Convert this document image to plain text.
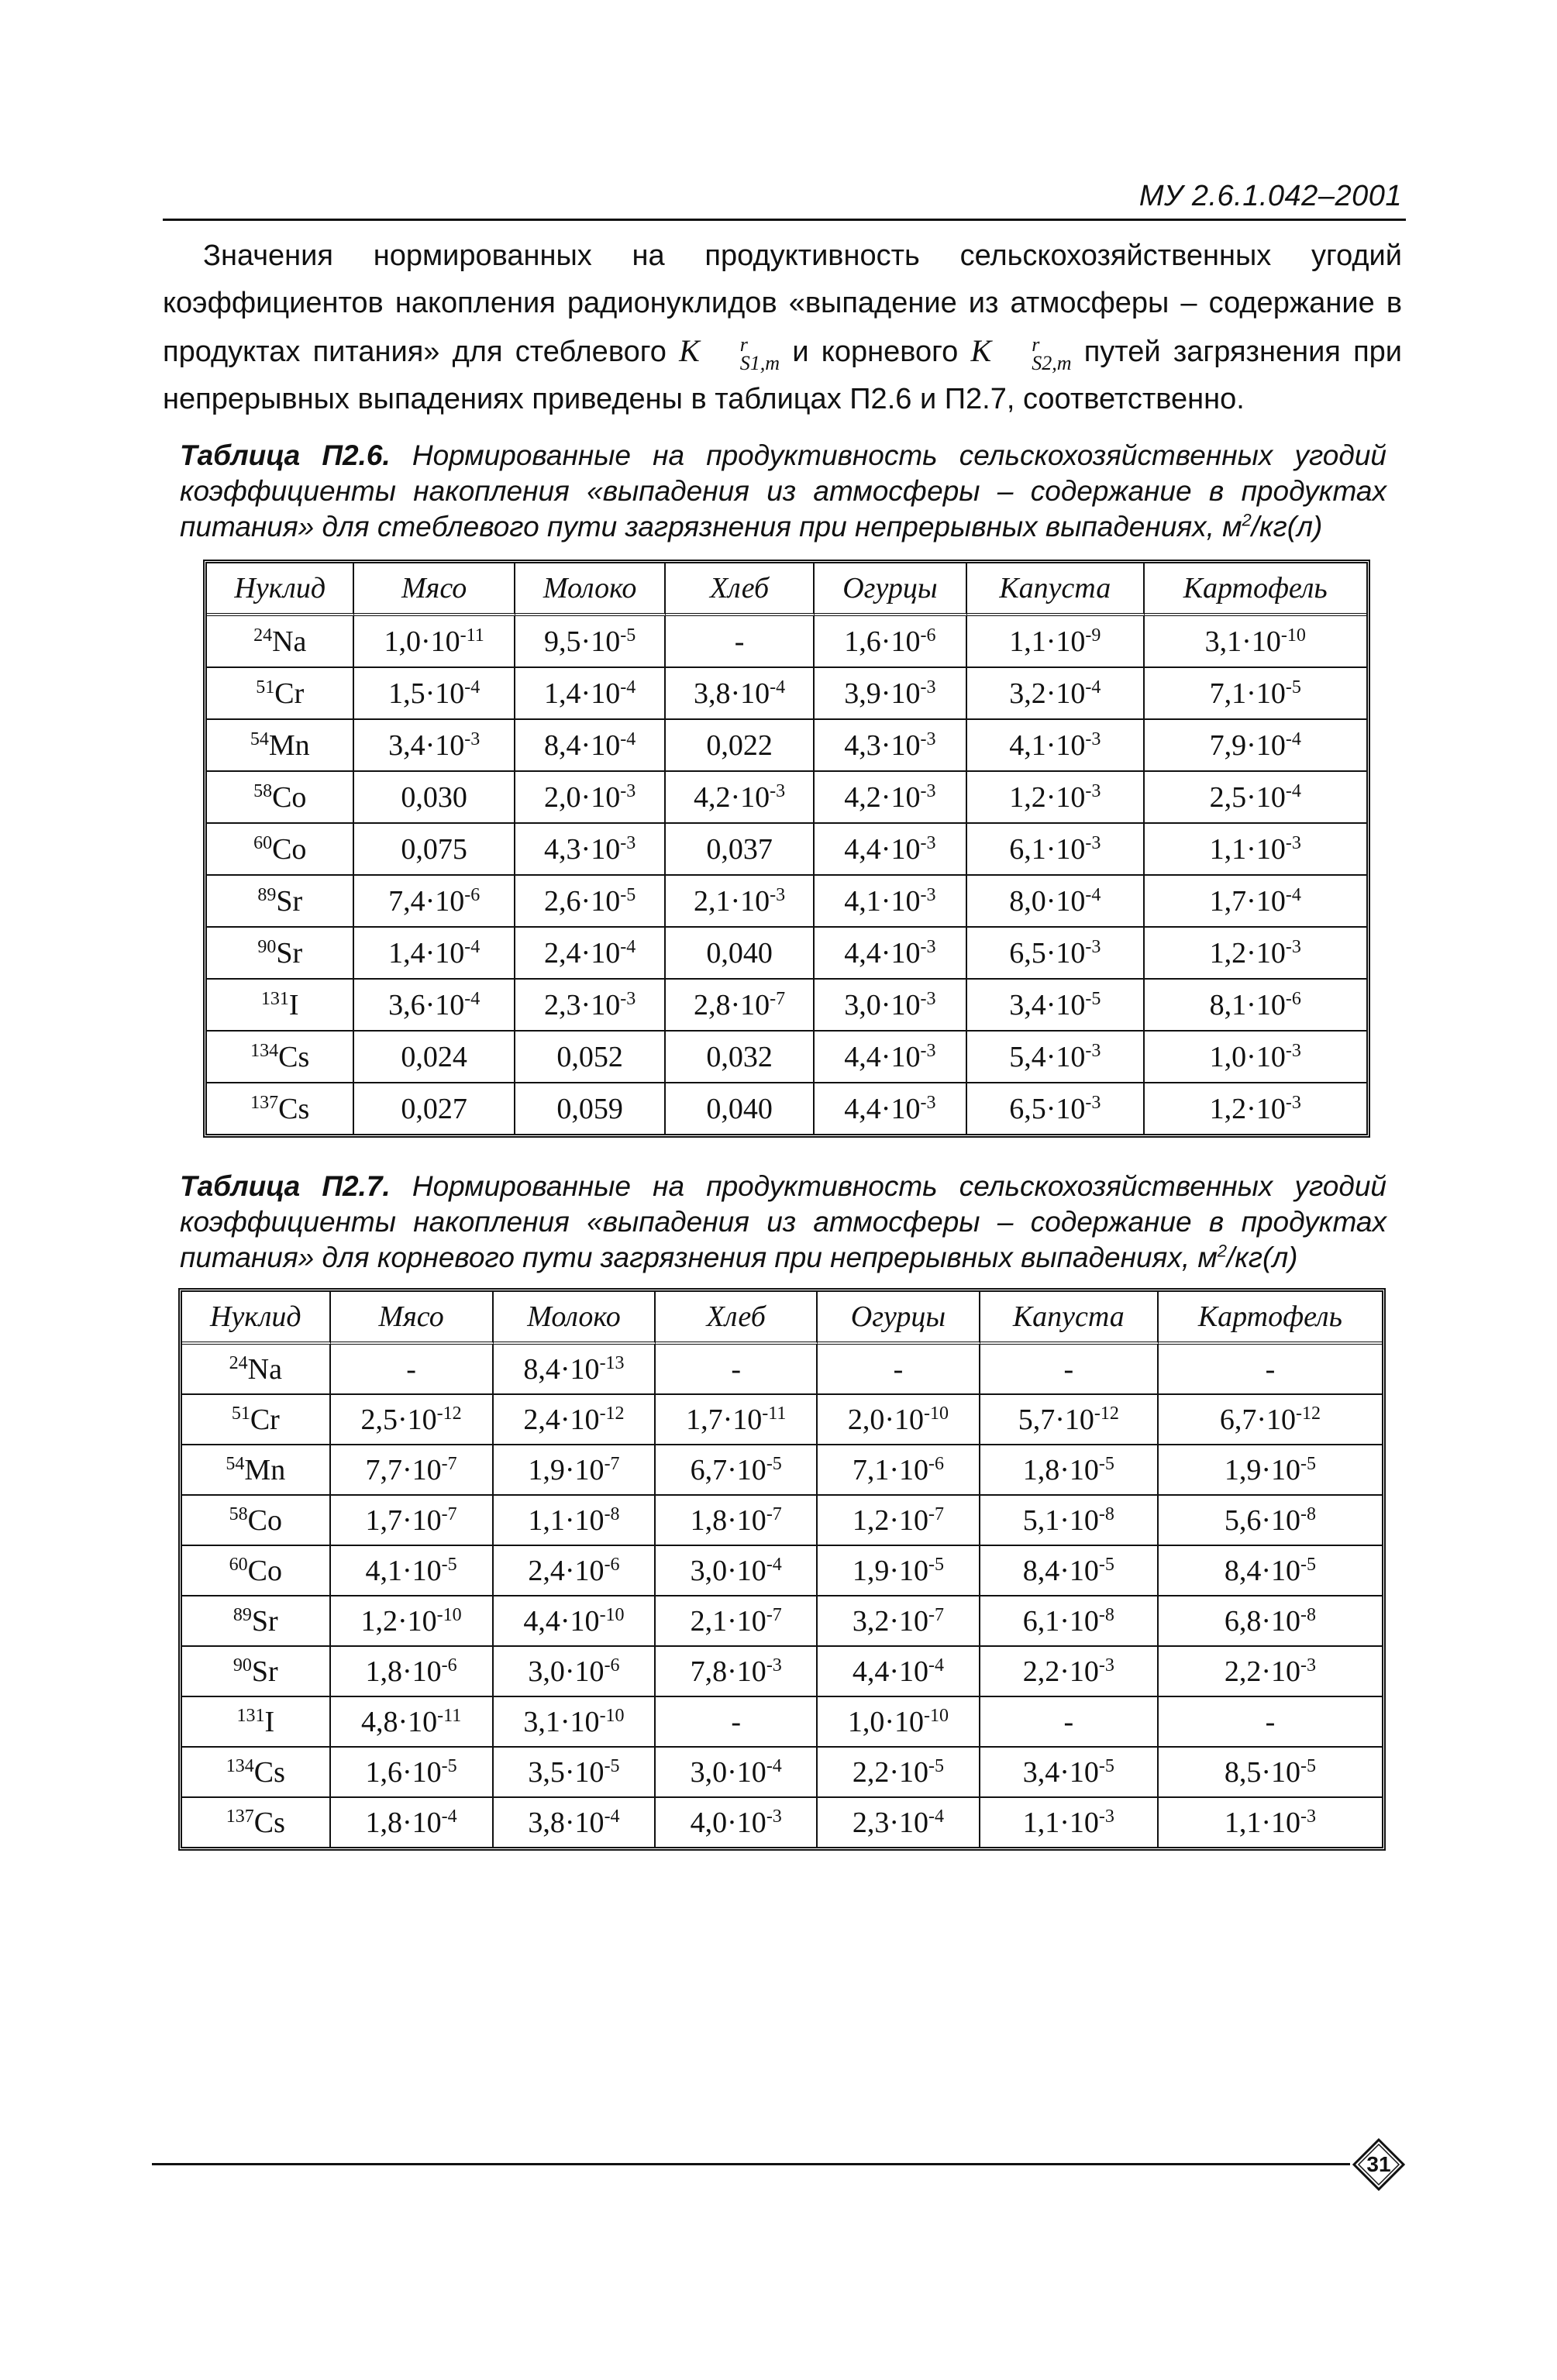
МУ 2.6.1.042–2001

Значения нормированных на продуктивность сельскохозяйственных угодий коэффициентов накопления радионуклидов «выпадение из атмосферы – содержание в продуктах питания» для стеблевого K	r
S1,m и корневого K	r
S2,m путей загрязнения при непрерывных выпадениях приведены в таблицах П2.6 и П2.7, соответственно.

Таблица П2.6. Нормированные на продуктивность сельскохозяйственных угодий коэффициенты накопления «выпадения из атмосферы – содержание в продуктах питания» для стеблевого пути загрязнения при непрерывных выпадениях, $м^2/кг(л)$

Нуклид	Мясо	Молоко	Хлеб	Огурцы	Капуста	Картофель
$^{24}$Na	$1,0\cdot 10^{-11}$	$9,5\cdot 10^{-5}$	-	$1,6\cdot 10^{-6}$	$1,1\cdot 10^{-9}$	$3,1\cdot 10^{-10}$
$^{51}$Cr	$1,5\cdot 10^{-4}$	$1,4\cdot 10^{-4}$	$3,8\cdot 10^{-4}$	$3,9\cdot 10^{-3}$	$3,2\cdot 10^{-4}$	$7,1\cdot 10^{-5}$
$^{54}$Mn	$3,4\cdot 10^{-3}$	$8,4\cdot 10^{-4}$	0,022	$4,3\cdot 10^{-3}$	$4,1\cdot 10^{-3}$	$7,9\cdot 10^{-4}$
$^{58}$Co	0,030	$2,0\cdot 10^{-3}$	$4,2\cdot 10^{-3}$	$4,2\cdot 10^{-3}$	$1,2\cdot 10^{-3}$	$2,5\cdot 10^{-4}$
$^{60}$Co	0,075	$4,3\cdot 10^{-3}$	0,037	$4,4\cdot 10^{-3}$	$6,1\cdot 10^{-3}$	$1,1\cdot 10^{-3}$
$^{89}$Sr	$7,4\cdot 10^{-6}$	$2,6\cdot 10^{-5}$	$2,1\cdot 10^{-3}$	$4,1\cdot 10^{-3}$	$8,0\cdot 10^{-4}$	$1,7\cdot 10^{-4}$
$^{90}$Sr	$1,4\cdot 10^{-4}$	$2,4\cdot 10^{-4}$	0,040	$4,4\cdot 10^{-3}$	$6,5\cdot 10^{-3}$	$1,2\cdot 10^{-3}$
$^{131}$I	$3,6\cdot 10^{-4}$	$2,3\cdot 10^{-3}$	$2,8\cdot 10^{-7}$	$3,0\cdot 10^{-3}$	$3,4\cdot 10^{-5}$	$8,1\cdot 10^{-6}$
$^{134}$Cs	0,024	0,052	0,032	$4,4\cdot 10^{-3}$	$5,4\cdot 10^{-3}$	$1,0\cdot 10^{-3}$
$^{137}$Cs	0,027	0,059	0,040	$4,4\cdot 10^{-3}$	$6,5\cdot 10^{-3}$	$1,2\cdot 10^{-3}$

Таблица П2.7. Нормированные на продуктивность сельскохозяйственных угодий коэффициенты накопления «выпадения из атмосферы – содержание в продуктах питания» для корневого пути загрязнения при непрерывных выпадениях, $м^2/кг(л)$

Нуклид	Мясо	Молоко	Хлеб	Огурцы	Капуста	Картофель
$^{24}$Na	-	$8,4\cdot 10^{-13}$	-	-	-	-
$^{51}$Cr	$2,5\cdot 10^{-12}$	$2,4\cdot 10^{-12}$	$1,7\cdot 10^{-11}$	$2,0\cdot 10^{-10}$	$5,7\cdot 10^{-12}$	$6,7\cdot 10^{-12}$
$^{54}$Mn	$7,7\cdot 10^{-7}$	$1,9\cdot 10^{-7}$	$6,7\cdot 10^{-5}$	$7,1\cdot 10^{-6}$	$1,8\cdot 10^{-5}$	$1,9\cdot 10^{-5}$
$^{58}$Co	$1,7\cdot 10^{-7}$	$1,1\cdot 10^{-8}$	$1,8\cdot 10^{-7}$	$1,2\cdot 10^{-7}$	$5,1\cdot 10^{-8}$	$5,6\cdot 10^{-8}$
$^{60}$Co	$4,1\cdot 10^{-5}$	$2,4\cdot 10^{-6}$	$3,0\cdot 10^{-4}$	$1,9\cdot 10^{-5}$	$8,4\cdot 10^{-5}$	$8,4\cdot 10^{-5}$
$^{89}$Sr	$1,2\cdot 10^{-10}$	$4,4\cdot 10^{-10}$	$2,1\cdot 10^{-7}$	$3,2\cdot 10^{-7}$	$6,1\cdot 10^{-8}$	$6,8\cdot 10^{-8}$
$^{90}$Sr	$1,8\cdot 10^{-6}$	$3,0\cdot 10^{-6}$	$7,8\cdot 10^{-3}$	$4,4\cdot 10^{-4}$	$2,2\cdot 10^{-3}$	$2,2\cdot 10^{-3}$
$^{131}$I	$4,8\cdot 10^{-11}$	$3,1\cdot 10^{-10}$	-	$1,0\cdot 10^{-10}$	-	-
$^{134}$Cs	$1,6\cdot 10^{-5}$	$3,5\cdot 10^{-5}$	$3,0\cdot 10^{-4}$	$2,2\cdot 10^{-5}$	$3,4\cdot 10^{-5}$	$8,5\cdot 10^{-5}$
$^{137}$Cs	$1,8\cdot 10^{-4}$	$3,8\cdot 10^{-4}$	$4,0\cdot 10^{-3}$	$2,3\cdot 10^{-4}$	$1,1\cdot 10^{-3}$	$1,1\cdot 10^{-3}$
31
